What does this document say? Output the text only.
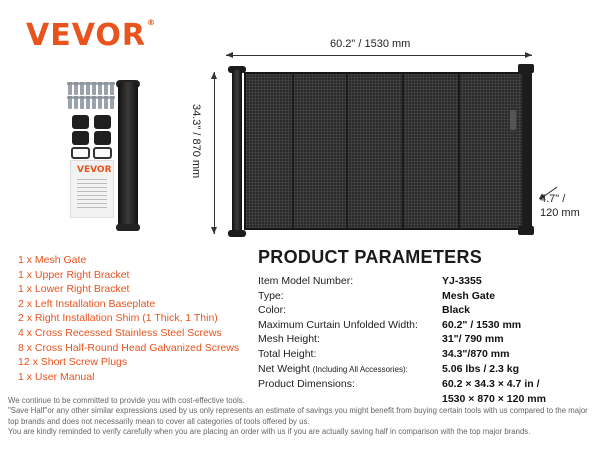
VEVOR®
VEVOR
60.2" / 1530 mm
34.3" / 870 mm
4.7" /
120 mm
1 x Mesh Gate
1 x Upper Right Bracket
1 x Lower Right Bracket
2 x Left Installation Baseplate
2 x Right Installation Shim (1 Thick, 1 Thin)
4 x Cross Recessed Stainless Steel Screws
8 x Cross Half-Round Head Galvanized Screws
12 x Short Screw Plugs
1 x User Manual
PRODUCT PARAMETERS
Item Model Number:	YJ-3355
Type:	Mesh Gate
Color:	Black
Maximum Curtain Unfolded Width:	60.2" / 1530 mm
Mesh Height:	31"/ 790 mm
Total Height:	34.3"/870 mm
Net Weight (Including All Accessories):	5.06 lbs / 2.3 kg
Product Dimensions:	60.2 × 34.3 × 4.7 in /
1530 × 870 × 120 mm
We continue to be committed to provide you with cost-effective tools.
"Save Half"or any other similar expressions used by us only represents an estimate of savings you might benefit from buying certain tools with us compared to the major top brands and does not necessarily mean to cover all categories of tools offered by us.
You are kindly reminded to verify carefully when you are placing an order with us if you are actually saving half in comparison with the top major brands.
